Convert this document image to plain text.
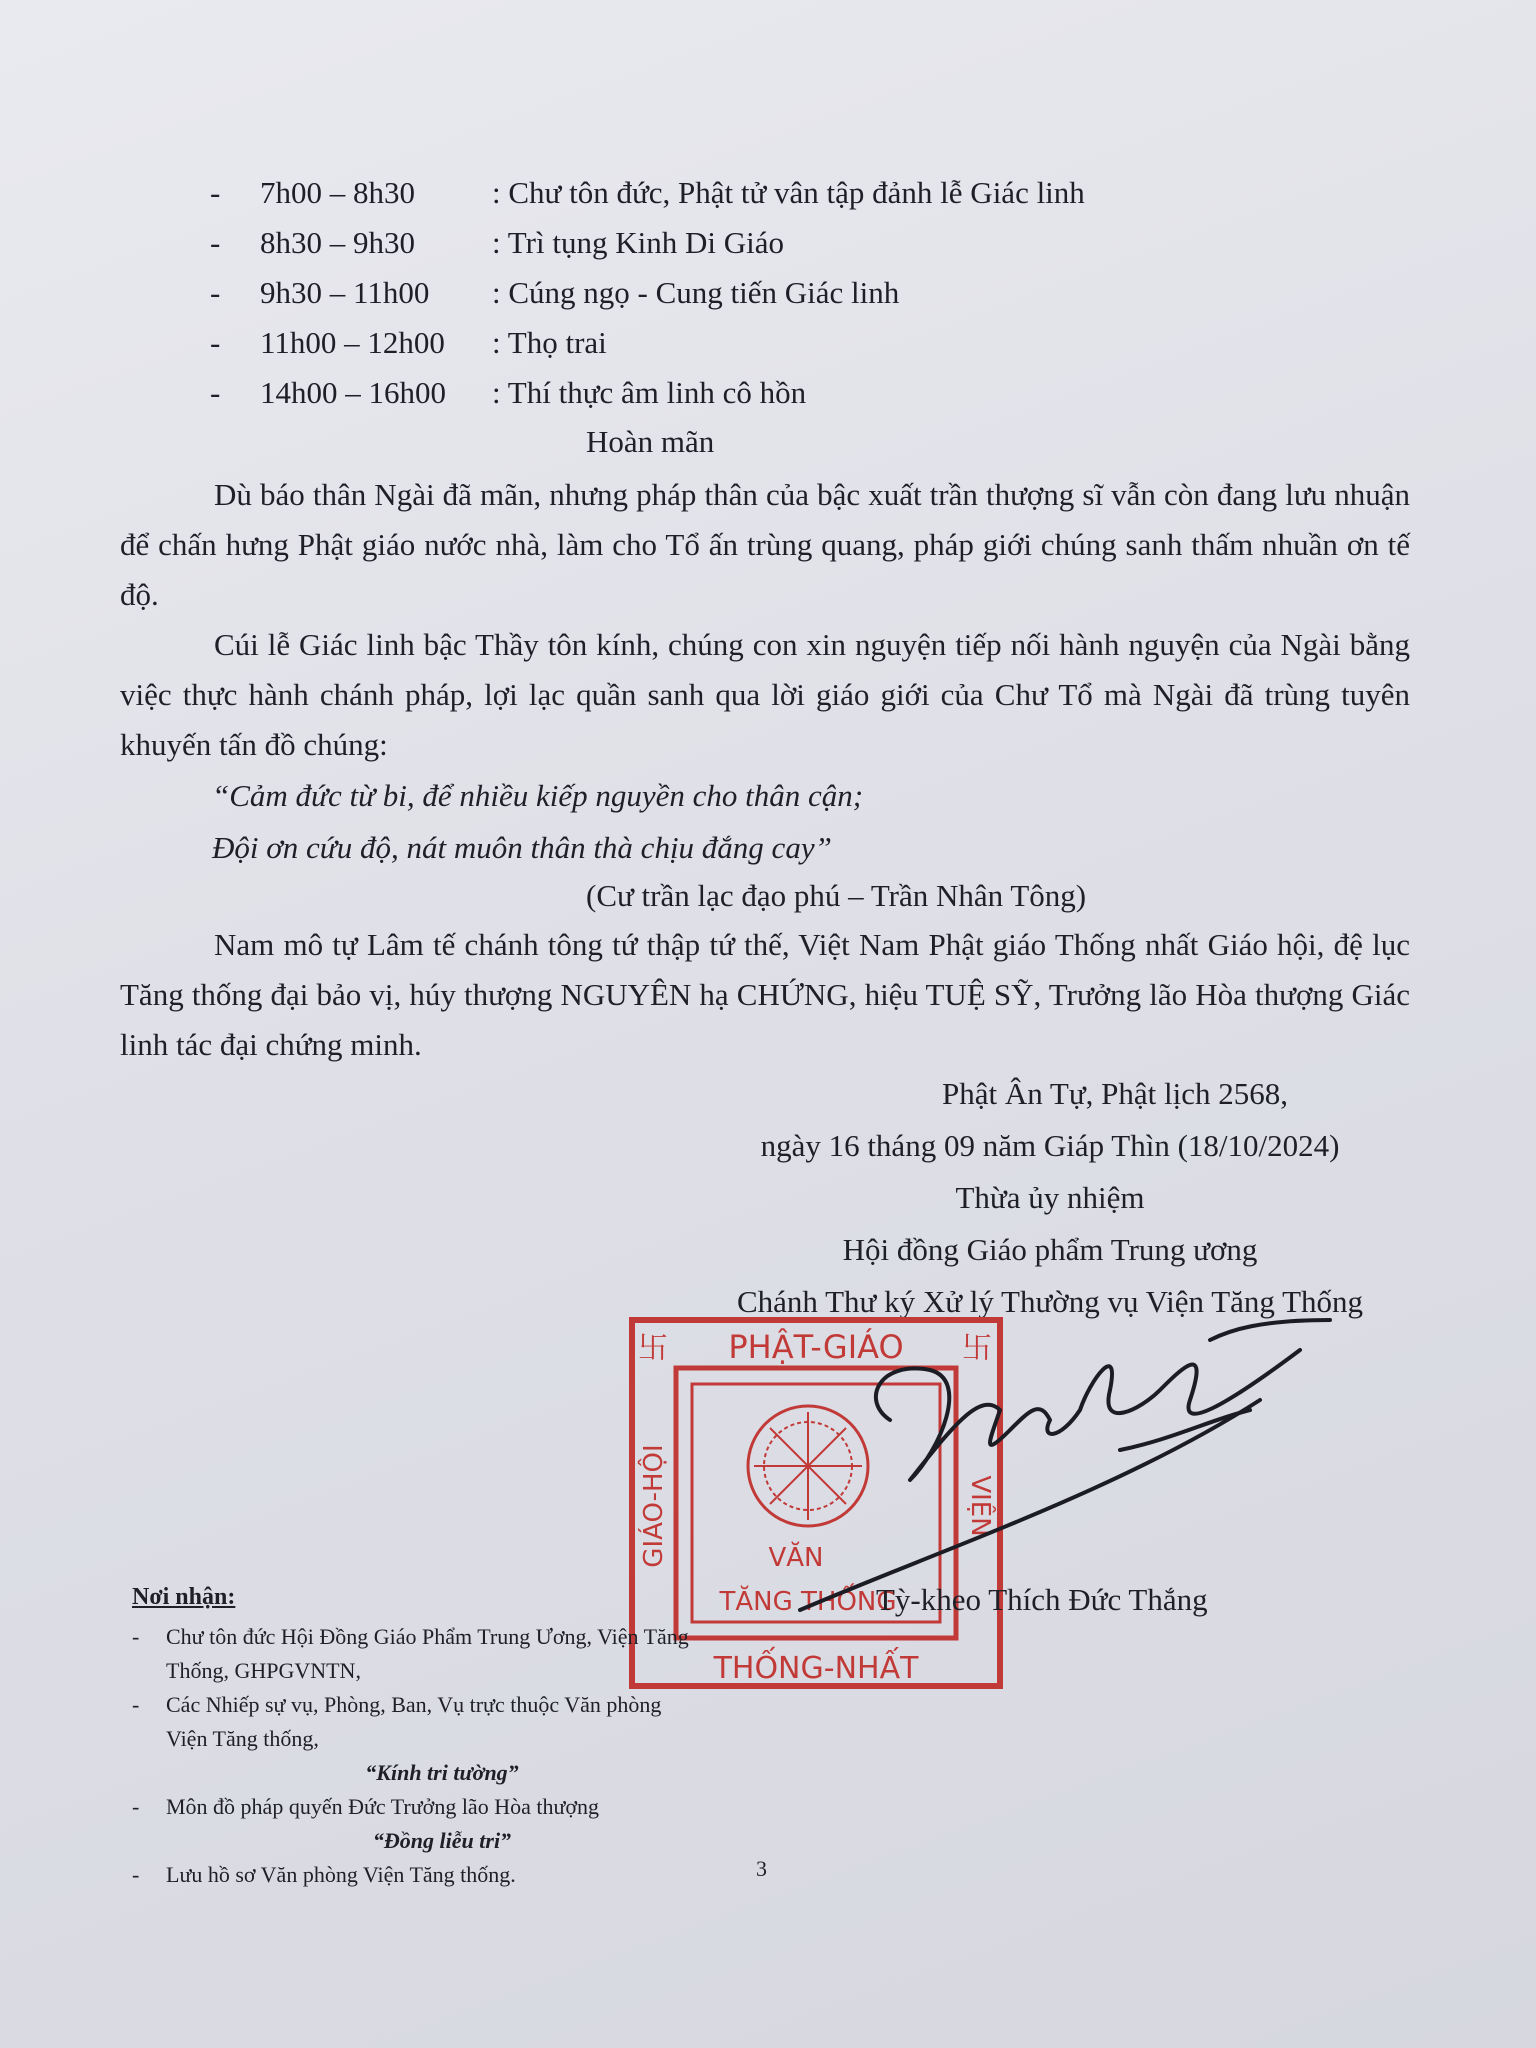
- 7h00 – 8h30 : Chư tôn đức, Phật tử vân tập đảnh lễ Giác linh
- 8h30 – 9h30 : Trì tụng Kinh Di Giáo
- 9h30 – 11h00 : Cúng ngọ - Cung tiến Giác linh
- 11h00 – 12h00 : Thọ trai
- 14h00 – 16h00 : Thí thực âm linh cô hồn
Hoàn mãn

Dù báo thân Ngài đã mãn, nhưng pháp thân của bậc xuất trần thượng sĩ vẫn còn đang lưu nhuận để chấn hưng Phật giáo nước nhà, làm cho Tổ ấn trùng quang, pháp giới chúng sanh thấm nhuần ơn tế độ.

Cúi lễ Giác linh bậc Thầy tôn kính, chúng con xin nguyện tiếp nối hành nguyện của Ngài bằng việc thực hành chánh pháp, lợi lạc quần sanh qua lời giáo giới của Chư Tổ mà Ngài đã trùng tuyên khuyến tấn đồ chúng:

“Cảm đức từ bi, để nhiều kiếp nguyền cho thân cận;
Đội ơn cứu độ, nát muôn thân thà chịu đắng cay”
(Cư trần lạc đạo phú – Trần Nhân Tông)

Nam mô tự Lâm tế chánh tông tứ thập tứ thế, Việt Nam Phật giáo Thống nhất Giáo hội, đệ lục Tăng thống đại bảo vị, húy thượng NGUYÊN hạ CHỨNG, hiệu TUỆ SỸ, Trưởng lão Hòa thượng Giác linh tác đại chứng minh.

Phật Ân Tự, Phật lịch 2568,
ngày 16 tháng 09 năm Giáp Thìn (18/10/2024)
Thừa ủy nhiệm
Hội đồng Giáo phẩm Trung ương
Chánh Thư ký Xử lý Thường vụ Viện Tăng Thống
卐	卐
PHẬT-GIÁO
THỐNG-NHẤT
GIÁO-HỘI	VIỆN
VĂN
TĂNG THỐNG
Tỳ-kheo Thích Đức Thắng
Nơi nhận:
- Chư tôn đức Hội Đồng Giáo Phẩm Trung Ương, Viện Tăng Thống, GHPGVNTN,
- Các Nhiếp sự vụ, Phòng, Ban, Vụ trực thuộc Văn phòng Viện Tăng thống,
“Kính tri tường”
- Môn đồ pháp quyến Đức Trưởng lão Hòa thượng
“Đồng liễu tri”
- Lưu hồ sơ Văn phòng Viện Tăng thống.	3
